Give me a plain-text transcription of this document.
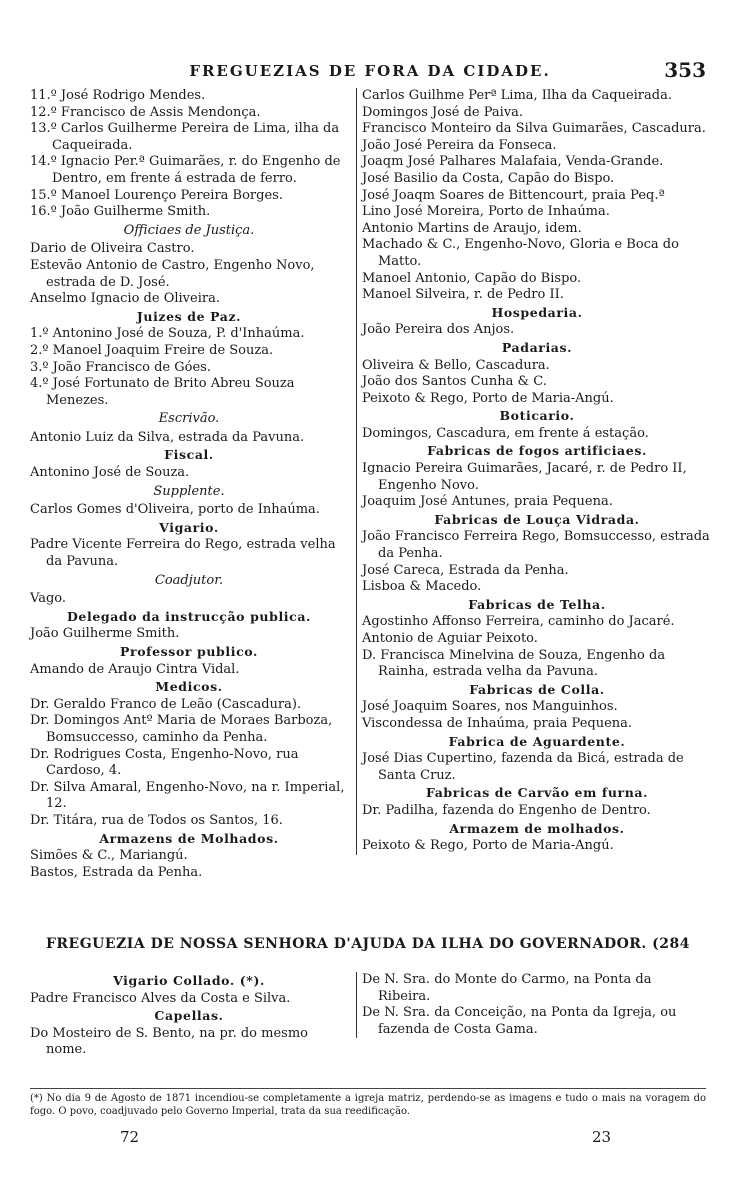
FREGUEZIAS DE FORA DA CIDADE.	353
11.º José Rodrigo Mendes.
12.º Francisco de Assis Mendonça.
13.º Carlos Guilherme Pereira de Lima, ilha da Caqueirada.
14.º Ignacio Per.ª Guimarães, r. do Engenho de Dentro, em frente á estrada de ferro.
15.º Manoel Lourenço Pereira Borges.
16.º João Guilherme Smith.
Officiaes de Justiça.
Dario de Oliveira Castro.
Estevão Antonio de Castro, Engenho Novo, estrada de D. José.
Anselmo Ignacio de Oliveira.
Juizes de Paz.
1.º Antonino José de Souza, P. d'Inhaúma.
2.º Manoel Joaquim Freire de Souza.
3.º João Francisco de Góes.
4.º José Fortunato de Brito Abreu Souza Menezes.
Escrivão.
Antonio Luiz da Silva, estrada da Pavuna.
Fiscal.
Antonino José de Souza.
Supplente.
Carlos Gomes d'Oliveira, porto de Inhaúma.
Vigario.
Padre Vicente Ferreira do Rego, estrada velha da Pavuna.
Coadjutor.
Vago.
Delegado da instrucção publica.
João Guilherme Smith.
Professor publico.
Amando de Araujo Cintra Vidal.
Medicos.
Dr. Geraldo Franco de Leão (Cascadura).
Dr. Domingos Antº Maria de Moraes Barboza, Bomsuccesso, caminho da Penha.
Dr. Rodrigues Costa, Engenho-Novo, rua Cardoso, 4.
Dr. Silva Amaral, Engenho-Novo, na r. Imperial, 12.
Dr. Titára, rua de Todos os Santos, 16.
Armazens de Molhados.
Simões & C., Mariangú.
Bastos, Estrada da Penha.
Carlos Guilhme Perª Lima, Ilha da Caqueirada.
Domingos José de Paiva.
Francisco Monteiro da Silva Guimarães, Cascadura.
João José Pereira da Fonseca.
Joaqm José Palhares Malafaia, Venda-Grande.
José Basilio da Costa, Capão do Bispo.
José Joaqm Soares de Bittencourt, praia Peq.ª
Lino José Moreira, Porto de Inhaúma.
Antonio Martins de Araujo, idem.
Machado & C., Engenho-Novo, Gloria e Boca do Matto.
Manoel Antonio, Capão do Bispo.
Manoel Silveira, r. de Pedro II.
Hospedaria.
João Pereira dos Anjos.
Padarias.
Oliveira & Bello, Cascadura.
João dos Santos Cunha & C.
Peixoto & Rego, Porto de Maria-Angú.
Boticario.
Domingos, Cascadura, em frente á estação.
Fabricas de fogos artificiaes.
Ignacio Pereira Guimarães, Jacaré, r. de Pedro II, Engenho Novo.
Joaquim José Antunes, praia Pequena.
Fabricas de Louça Vidrada.
João Francisco Ferreira Rego, Bomsuccesso, estrada da Penha.
José Careca, Estrada da Penha.
Lisboa & Macedo.
Fabricas de Telha.
Agostinho Affonso Ferreira, caminho do Jacaré.
Antonio de Aguiar Peixoto.
D. Francisca Minelvina de Souza, Engenho da Rainha, estrada velha da Pavuna.
Fabricas de Colla.
José Joaquim Soares, nos Manguinhos.
Viscondessa de Inhaúma, praia Pequena.
Fabrica de Aguardente.
José Dias Cupertino, fazenda da Bicá, estrada de Santa Cruz.
Fabricas de Carvão em furna.
Dr. Padilha, fazenda do Engenho de Dentro.
Armazem de molhados.
Peixoto & Rego, Porto de Maria-Angú.
FREGUEZIA DE NOSSA SENHORA D'AJUDA DA ILHA DO GOVERNADOR. (284
Vigario Collado. (*).
Padre Francisco Alves da Costa e Silva.
Capellas.
Do Mosteiro de S. Bento, na pr. do mesmo nome.
De N. Sra. do Monte do Carmo, na Ponta da Ribeira.
De N. Sra. da Conceição, na Ponta da Igreja, ou fazenda de Costa Gama.
(*) No dia 9 de Agosto de 1871 incendiou-se completamente a igreja matriz, perdendo-se as imagens e tudo o mais na voragem do fogo. O povo, coadjuvado pelo Governo Imperial, trata da sua reedificação.
72	23
